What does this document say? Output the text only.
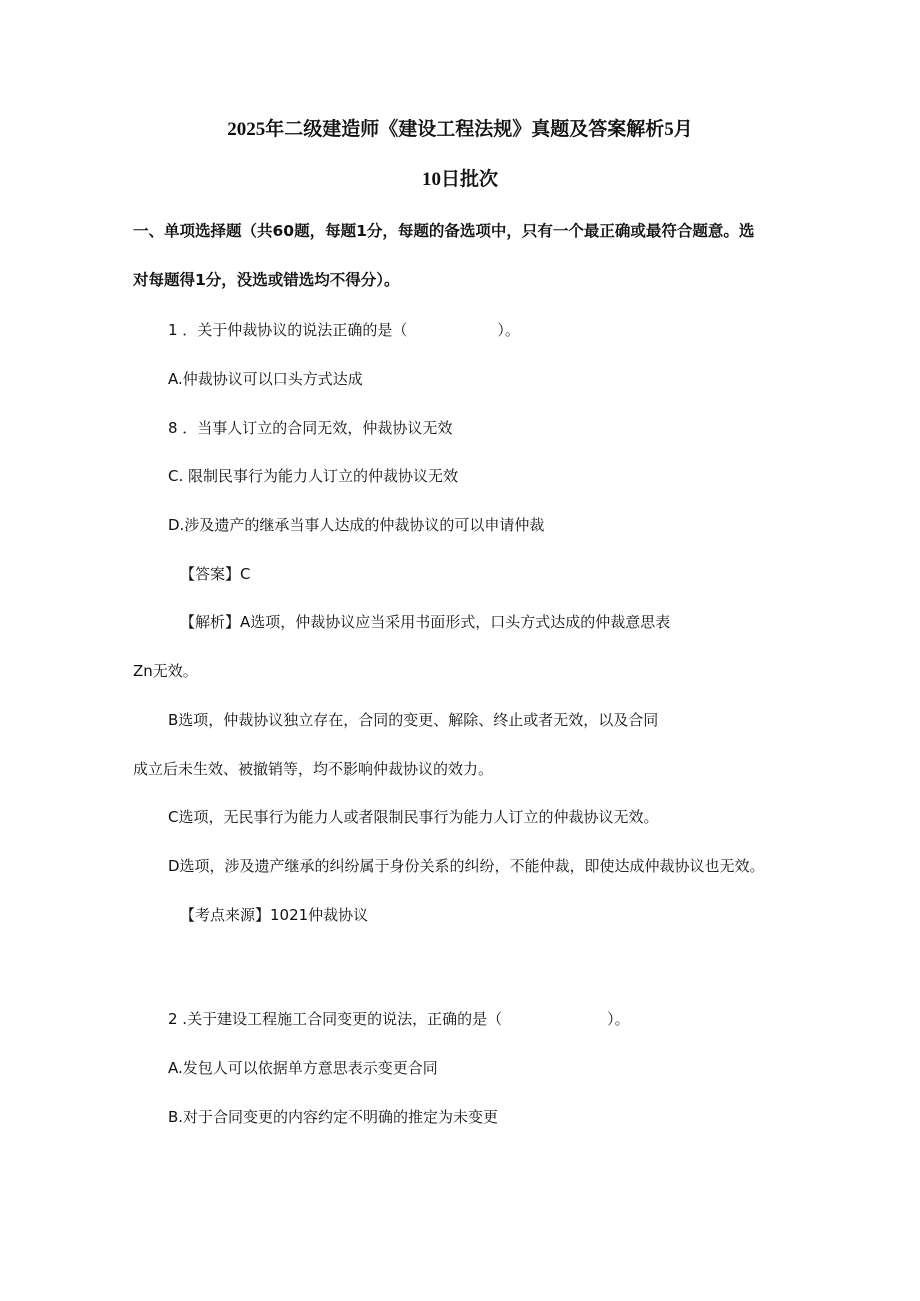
2025年二级建造师《建设工程法规》真题及答案解析5月
10日批次
一、单项选择题（共60题，每题1分，每题的备选项中，只有一个最正确或最符合题意。选
对每题得1分，没选或错选均不得分）。
1 ．关于仲裁协议的说法正确的是（　　　　　　）。
A.仲裁协议可以口头方式达成
8 ．当事人订立的合同无效，仲裁协议无效
C. 限制民事行为能力人订立的仲裁协议无效
D.涉及遗产的继承当事人达成的仲裁协议的可以申请仲裁
【答案】C
【解析】A选项，仲裁协议应当采用书面形式，口头方式达成的仲裁意思表
Zn无效。
B选项，仲裁协议独立存在，合同的变更、解除、终止或者无效，以及合同
成立后未生效、被撤销等，均不影响仲裁协议的效力。
C选项，无民事行为能力人或者限制民事行为能力人订立的仲裁协议无效。
D选项，涉及遗产继承的纠纷属于身份关系的纠纷，不能仲裁，即使达成仲裁协议也无效。
【考点来源】1021仲裁协议
2 .关于建设工程施工合同变更的说法，正确的是（　　　　　　　）。
A.发包人可以依据单方意思表示变更合同
B.对于合同变更的内容约定不明确的推定为未变更
